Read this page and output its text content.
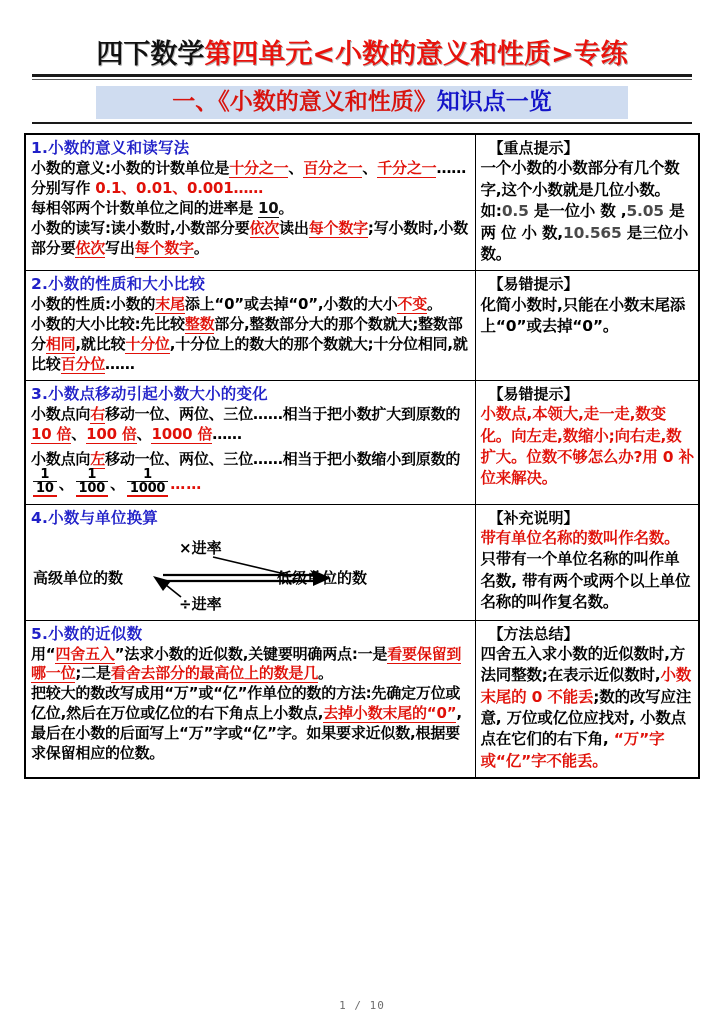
四下数学第四单元<小数的意义和性质>专练
一、《小数的意义和性质》知识点一览
1.小数的意义和读写法
小数的意义:小数的计数单位是十分之一、百分之一、千分之一……分别写作 0.1、0.01、0.001……
每相邻两个计数单位之间的进率是 10。
小数的读写:读小数时,小数部分要依次读出每个数字;写小数时,小数部分要依次写出每个数字。

【重点提示】
一个小数的小数部分有几个数字,这个小数就是几位小数。如:0.5 是一位小 数 ,5.05 是 两 位 小 数,10.565 是三位小数。

2.小数的性质和大小比较
小数的性质:小数的末尾添上“0”或去掉“0”,小数的大小不变。
小数的大小比较:先比较整数部分,整数部分大的那个数就大;整数部分相同,就比较十分位,十分位上的数大的那个数就大;十分位相同,就比较百分位……

【易错提示】
化简小数时,只能在小数末尾添上“0”或去掉“0”。

3.小数点移动引起小数大小的变化
小数点向右移动一位、两位、三位……相当于把小数扩大到原数的 10 倍、100 倍、1000 倍……
小数点向左移动一位、两位、三位……相当于把小数缩小到原数的
$\frac{1}{10}$ 、 $\frac{1}{100}$ 、 $\frac{1}{1000}$ ……

【易错提示】
小数点,本领大,走一走,数变化。向左走,数缩小;向右走,数扩大。位数不够怎么办?用 0 补位来解决。

4.小数与单位换算
高级单位的数	低级单位的数
×进率
÷进率

【补充说明】
带有单位名称的数叫作名数。只带有一个单位名称的叫作单名数, 带有两个或两个以上单位名称的叫作复名数。

5.小数的近似数
用“四舍五入”法求小数的近似数,关键要明确两点:一是看要保留到哪一位;二是看舍去部分的最高位上的数是几。
把较大的数改写成用“万”或“亿”作单位的数的方法:先确定万位或亿位,然后在万位或亿位的右下角点上小数点,去掉小数末尾的“0”,最后在小数的后面写上“万”字或“亿”字。如果要求近似数,根据要求保留相应的位数。

【方法总结】
四舍五入求小数的近似数时,方法同整数;在表示近似数时,小数末尾的 0 不能丢;数的改写应注意, 万位或亿位应找对, 小数点点在它们的右下角, “万”字或“亿”字不能丢。
1 / 10
